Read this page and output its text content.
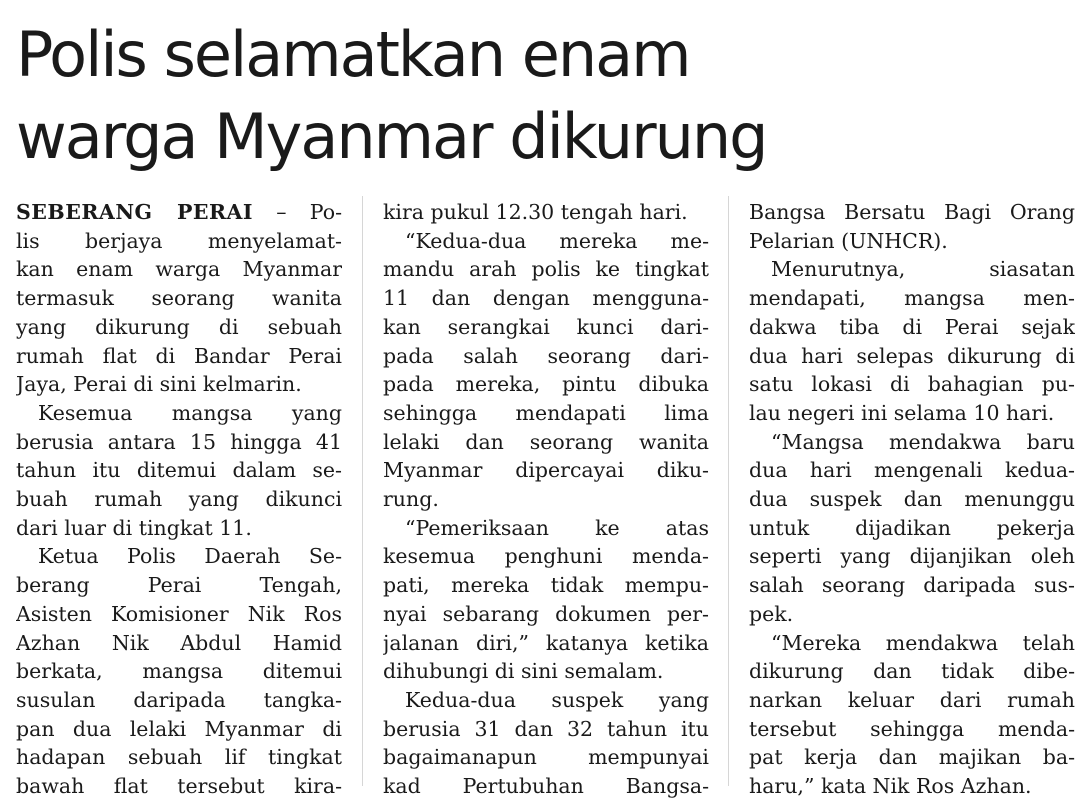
Polis selamatkan enam
warga Myanmar dikurung

SEBERANG PERAI – Po-

lis berjaya menyelamat-

kan enam warga Myanmar

termasuk seorang wanita

yang dikurung di sebuah

rumah flat di Bandar Perai

Jaya, Perai di sini kelmarin.

Kesemua mangsa yang

berusia antara 15 hingga 41

tahun itu ditemui dalam se-

buah rumah yang dikunci

dari luar di tingkat 11.

Ketua Polis Daerah Se-

berang Perai Tengah,

Asisten Komisioner Nik Ros

Azhan Nik Abdul Hamid

berkata, mangsa ditemui

susulan daripada tangka-

pan dua lelaki Myanmar di

hadapan sebuah lif tingkat

bawah flat tersebut kira-

kira pukul 12.30 tengah hari.

“Kedua-dua mereka me-

mandu arah polis ke tingkat

11 dan dengan mengguna-

kan serangkai kunci dari-

pada salah seorang dari-

pada mereka, pintu dibuka

sehingga mendapati lima

lelaki dan seorang wanita

Myanmar dipercayai diku-

rung.

“Pemeriksaan ke atas

kesemua penghuni menda-

pati, mereka tidak mempu-

nyai sebarang dokumen per-

jalanan diri,” katanya ketika

dihubungi di sini semalam.

Kedua-dua suspek yang

berusia 31 dan 32 tahun itu

bagaimanapun mempunyai

kad Pertubuhan Bangsa-

Bangsa Bersatu Bagi Orang

Pelarian (UNHCR).

Menurutnya, siasatan

mendapati, mangsa men-

dakwa tiba di Perai sejak

dua hari selepas dikurung di

satu lokasi di bahagian pu-

lau negeri ini selama 10 hari.

“Mangsa mendakwa baru

dua hari mengenali kedua-

dua suspek dan menunggu

untuk dijadikan pekerja

seperti yang dijanjikan oleh

salah seorang daripada sus-

pek.

“Mereka mendakwa telah

dikurung dan tidak dibe-

narkan keluar dari rumah

tersebut sehingga menda-

pat kerja dan majikan ba-

haru,” kata Nik Ros Azhan.
